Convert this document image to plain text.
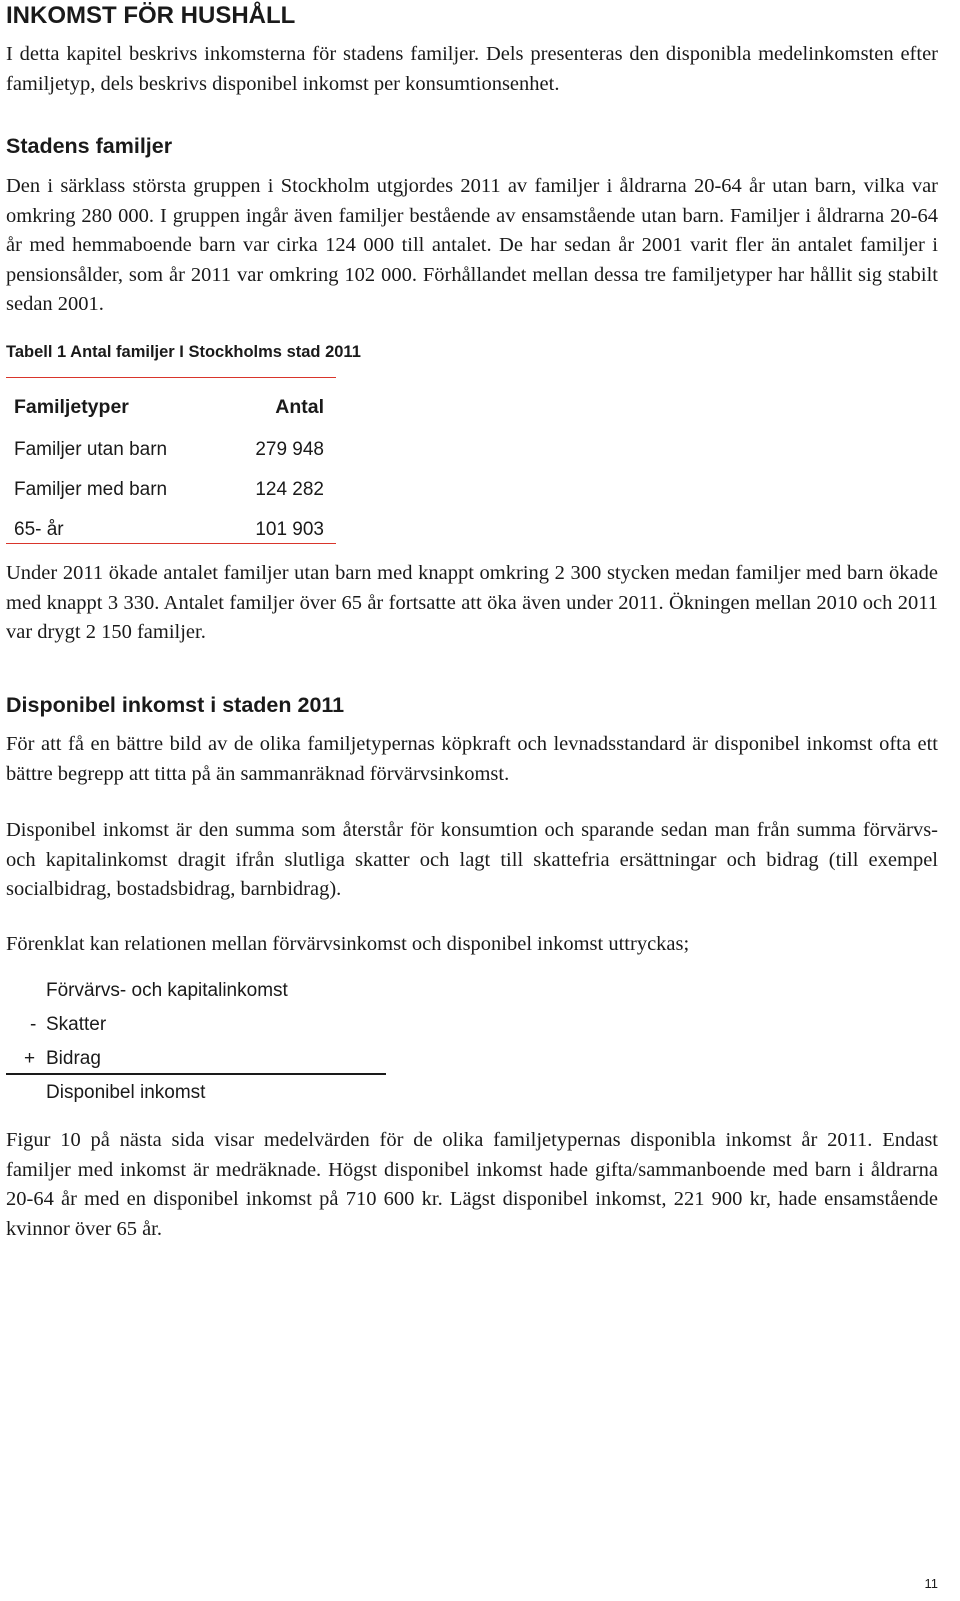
INKOMST FÖR HUSHÅLL

I detta kapitel beskrivs inkomsterna för stadens familjer. Dels presenteras den disponibla medelinkomsten efter familjetyp, dels beskrivs disponibel inkomst per konsumtionsenhet.

Stadens familjer

Den i särklass största gruppen i Stockholm utgjordes 2011 av familjer i åldrarna 20-64 år utan barn, vilka var omkring 280 000. I gruppen ingår även familjer bestående av ensamstående utan barn. Familjer i åldrarna 20-64 år med hemmaboende barn var cirka 124 000 till antalet. De har sedan år 2001 varit fler än antalet familjer i pensionsålder, som år 2011 var omkring 102 000. Förhållandet mellan dessa tre familjetyper har hållit sig stabilt sedan 2001.

Tabell 1 Antal familjer I Stockholms stad 2011
Familjetyper	Antal
Familjer utan barn	279 948
Familjer med barn	124 282
65- år	101 903

Under 2011 ökade antalet familjer utan barn med knappt omkring 2 300 stycken medan familjer med barn ökade med knappt 3 330. Antalet familjer över 65 år fortsatte att öka även under 2011. Ökningen mellan 2010 och 2011 var drygt 2 150 familjer.

Disponibel inkomst i staden 2011

För att få en bättre bild av de olika familjetypernas köpkraft och levnadsstandard är disponibel inkomst ofta ett bättre begrepp att titta på än sammanräknad förvärvsinkomst.

Disponibel inkomst är den summa som återstår för konsumtion och sparande sedan man från summa förvärvs- och kapitalinkomst dragit ifrån slutliga skatter och lagt till skattefria ersättningar och bidrag (till exempel socialbidrag, bostadsbidrag, barnbidrag).

Förenklat kan relationen mellan förvärvsinkomst och disponibel inkomst uttryckas;

Förvärvs- och kapitalinkomst
- Skatter
+ Bidrag
Disponibel inkomst

Figur 10 på nästa sida visar medelvärden för de olika familjetypernas disponibla inkomst år 2011. Endast familjer med inkomst är medräknade. Högst disponibel inkomst hade gifta/sammanboende med barn i åldrarna 20-64 år med en disponibel inkomst på 710 600 kr. Lägst disponibel inkomst, 221 900 kr, hade ensamstående kvinnor över 65 år.

11
